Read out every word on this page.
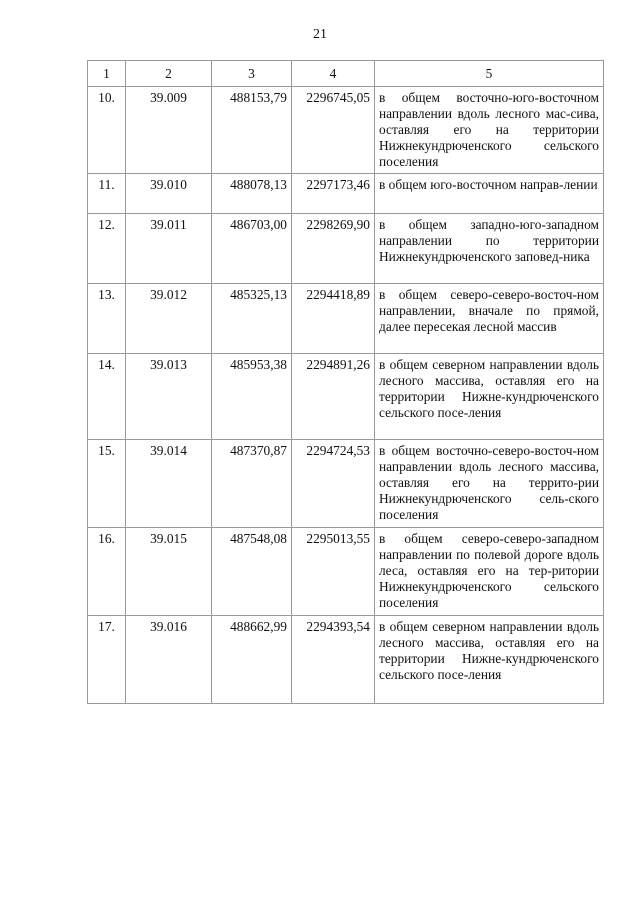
21
1	2	3	4	5
10.	39.009	488153,79	2296745,05	в общем восточно-юго-восточном направлении вдоль лесного мас-сива, оставляя его на территории Нижнекундрюченского сельского поселения
11.	39.010	488078,13	2297173,46	в общем юго-восточном направ-лении
12.	39.011	486703,00	2298269,90	в общем западно-юго-западном направлении по территории Нижнекундрюченского заповед-ника
13.	39.012	485325,13	2294418,89	в общем северо-северо-восточ-ном направлении, вначале по прямой, далее пересекая лесной массив
14.	39.013	485953,38	2294891,26	в общем северном направлении вдоль лесного массива, оставляя его на территории Нижне-кундрюченского сельского посе-ления
15.	39.014	487370,87	2294724,53	в общем восточно-северо-восточ-ном направлении вдоль лесного массива, оставляя его на террито-рии Нижнекундрюченского сель-ского поселения
16.	39.015	487548,08	2295013,55	в общем северо-северо-западном направлении по полевой дороге вдоль леса, оставляя его на тер-ритории Нижнекундрюченского сельского поселения
17.	39.016	488662,99	2294393,54	в общем северном направлении вдоль лесного массива, оставляя его на территории Нижне-кундрюченского сельского посе-ления
